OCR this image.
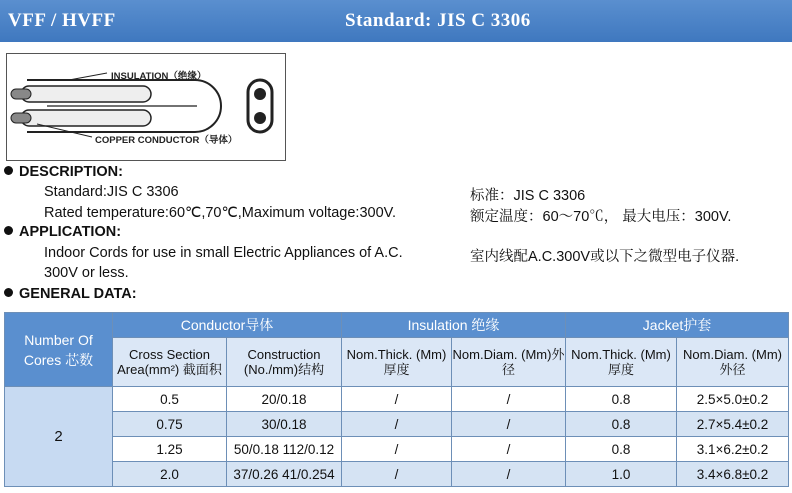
VFF / HVFF	Standard: JIS C 3306
INSULATION（绝缘）
COPPER CONDUCTOR（导体）
DESCRIPTION:
Standard:JIS C 3306	标准：JIS C 3306
Rated temperature:60℃,70℃,Maximum voltage:300V.	额定温度：60～70℃， 最大电压：300V.
APPLICATION:
Indoor Cords for use in small Electric Appliances of A.C.	室内线配A.C.300V或以下之微型电子仪器.
300V or less.
GENERAL DATA:
Number Of Cores 芯数	Conductor导体		Insulation 绝缘		Jacket护套	
	Cross Section Area(mm²) 截面积	Construction (No./mm)结构	Nom.Thick. (Mm)厚度	Nom.Diam. (Mm)外径	Nom.Thick. (Mm)厚度	Nom.Diam. (Mm)外径
2	0.5	20/0.18	/	/	0.8	2.5×5.0±0.2
	0.75	30/0.18	/	/	0.8	2.7×5.4±0.2
	1.25	50/0.18 112/0.12	/	/	0.8	3.1×6.2±0.2
	2.0	37/0.26 41/0.254	/	/	1.0	3.4×6.8±0.2
